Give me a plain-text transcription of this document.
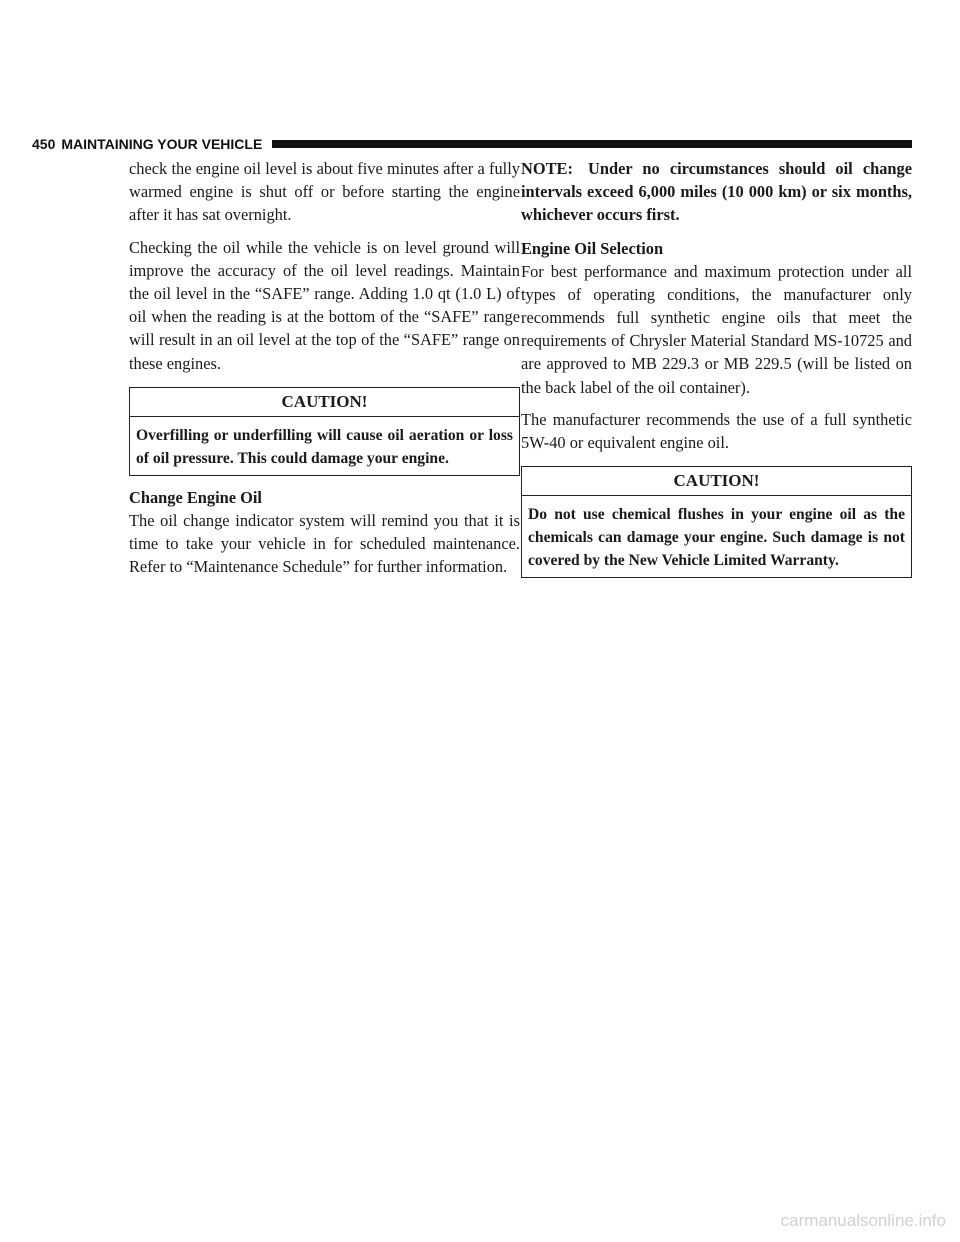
450 MAINTAINING YOUR VEHICLE

check the engine oil level is about five minutes after a fully warmed engine is shut off or before starting the engine after it has sat overnight.

Checking the oil while the vehicle is on level ground will improve the accuracy of the oil level readings. Maintain the oil level in the “SAFE” range. Adding 1.0 qt (1.0 L) of oil when the reading is at the bottom of the “SAFE” range will result in an oil level at the top of the “SAFE” range on these engines.

CAUTION!
Overfilling or underfilling will cause oil aeration or loss of oil pressure. This could damage your engine.
Change Engine Oil

The oil change indicator system will remind you that it is time to take your vehicle in for scheduled maintenance. Refer to “Maintenance Schedule” for further information.

NOTE: Under no circumstances should oil change intervals exceed 6,000 miles (10 000 km) or six months, whichever occurs first.

Engine Oil Selection

For best performance and maximum protection under all types of operating conditions, the manufacturer only recommends full synthetic engine oils that meet the requirements of Chrysler Material Standard MS-10725 and are approved to MB 229.3 or MB 229.5 (will be listed on the back label of the oil container).

The manufacturer recommends the use of a full synthetic 5W-40 or equivalent engine oil.

CAUTION!
Do not use chemical flushes in your engine oil as the chemicals can damage your engine. Such damage is not covered by the New Vehicle Limited Warranty.
carmanualsonline.info
